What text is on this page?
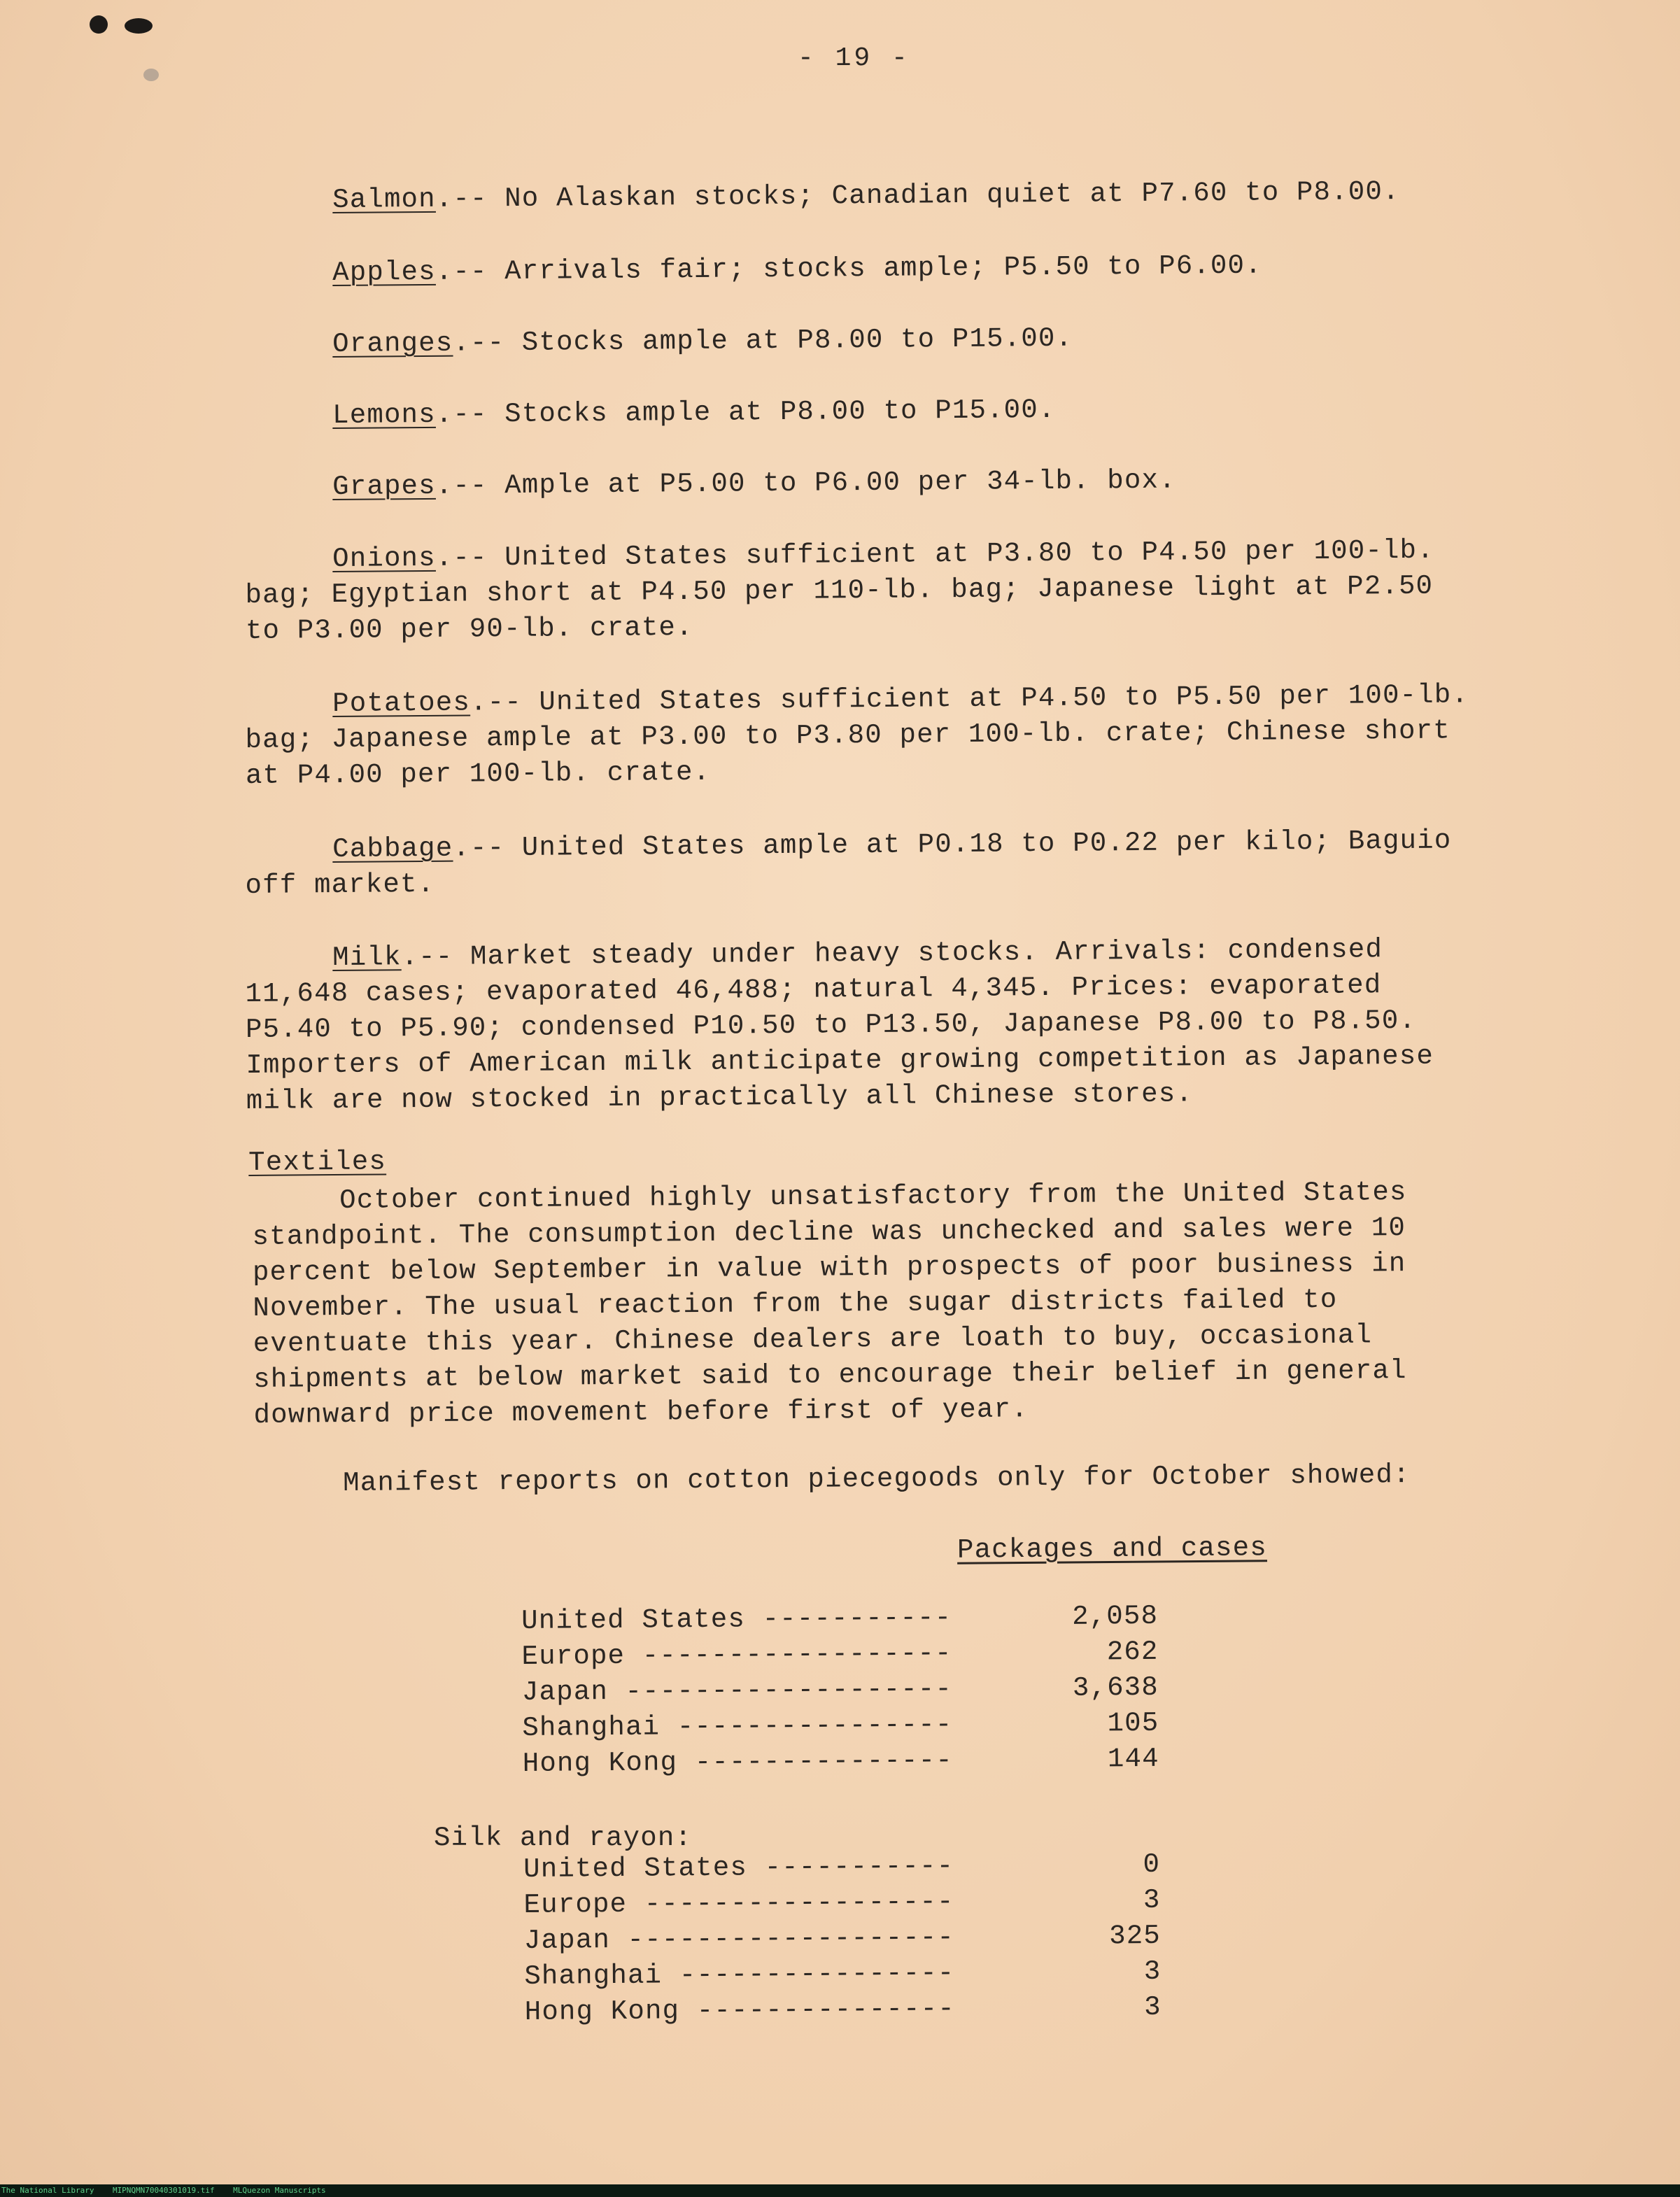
- 19 -
Salmon.-- No Alaskan stocks; Canadian quiet at P7.60 to P8.00.
Apples.-- Arrivals fair; stocks ample; P5.50 to P6.00.
Oranges.-- Stocks ample at P8.00 to P15.00.
Lemons.-- Stocks ample at P8.00 to P15.00.
Grapes.-- Ample at P5.00 to P6.00 per 34-lb. box.
Onions.-- United States sufficient at P3.80 to P4.50 per 100-lb. bag; Egyptian short at P4.50 per 110-lb. bag; Japanese light at P2.50 to P3.00 per 90-lb. crate.
Potatoes.-- United States sufficient at P4.50 to P5.50 per 100-lb. bag; Japanese ample at P3.00 to P3.80 per 100-lb. crate; Chinese short at P4.00 per 100-lb. crate.
Cabbage.-- United States ample at P0.18 to P0.22 per kilo; Baguio off market.
Milk.-- Market steady under heavy stocks. Arrivals: condensed 11,648 cases; evaporated 46,488; natural 4,345. Prices: evaporated P5.40 to P5.90; condensed P10.50 to P13.50, Japanese P8.00 to P8.50. Importers of American milk anticipate growing competition as Japanese milk are now stocked in practically all Chinese stores.
Textiles
October continued highly unsatisfactory from the United States standpoint. The consumption decline was unchecked and sales were 10 percent below September in value with prospects of poor business in November. The usual reaction from the sugar districts failed to eventuate this year. Chinese dealers are loath to buy, occasional shipments at below market said to encourage their belief in general downward price movement before first of year.
Manifest reports on cotton piecegoods only for October showed:
Packages and cases
United States -----------	2,058
Europe ------------------	262
Japan -------------------	3,638
Shanghai ----------------	105
Hong Kong ---------------	144
Silk and rayon:
United States -----------	0
Europe ------------------	3
Japan -------------------	325
Shanghai ----------------	3
Hong Kong ---------------	3
The National Library    MIPNQMN70040301019.tif    MLQuezon Manuscripts
